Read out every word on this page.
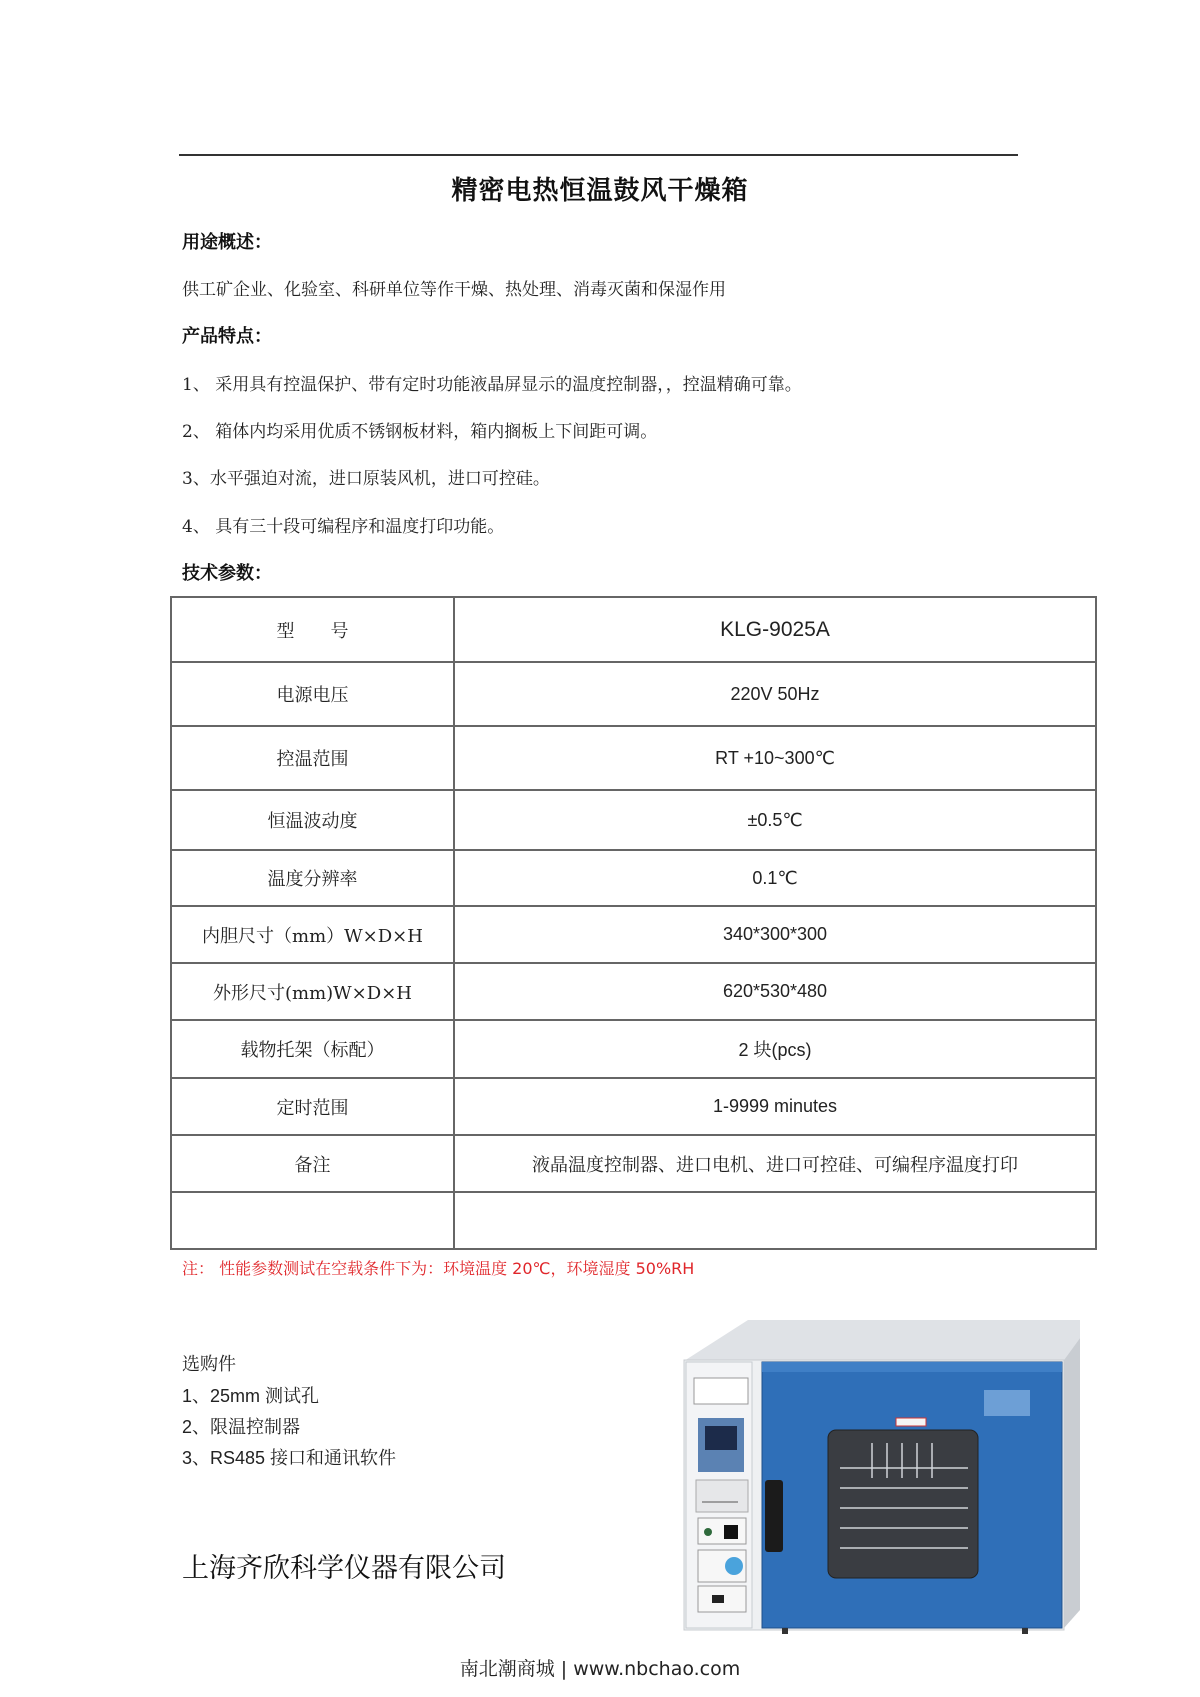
精密电热恒温鼓风干燥箱
用途概述：
供工矿企业、化验室、科研单位等作干燥、热处理、消毒灭菌和保湿作用
产品特点：
1、 采用具有控温保护、带有定时功能液晶屏显示的温度控制器，，控温精确可靠。
2、 箱体内均采用优质不锈钢板材料，箱内搁板上下间距可调。
3、水平强迫对流，进口原装风机，进口可控硅。
4、 具有三十段可编程序和温度打印功能。
技术参数：
型　　号	KLG-9025A
电源电压	220V 50Hz
控温范围	RT +10~300℃
恒温波动度	±0.5℃
温度分辨率	0.1℃
内胆尺寸（mm）W×D×H	340*300*300
外形尺寸(mm)W×D×H	620*530*480
载物托架（标配）	2 块(pcs)
定时范围	1-9999 minutes
备注	液晶温度控制器、进口电机、进口可控硅、可编程序温度打印

注： 性能参数测试在空载条件下为：环境温度 20℃，环境湿度 50%RH
选购件
1、25mm 测试孔
2、限温控制器
3、RS485 接口和通讯软件
上海齐欣科学仪器有限公司
南北潮商城 | www.nbchao.com
